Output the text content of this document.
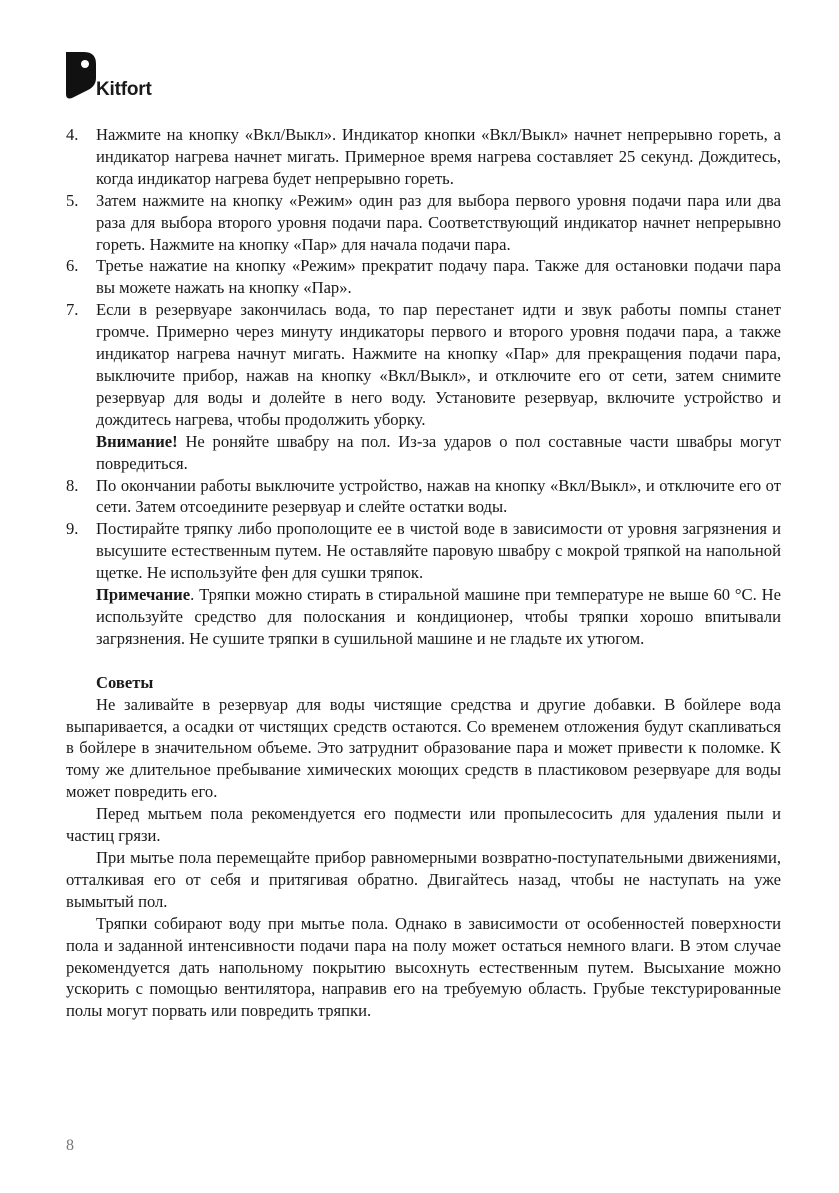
Kitfort
4. Нажмите на кнопку «Вкл/Выкл». Индикатор кнопки «Вкл/Выкл» начнет непрерывно гореть, а индикатор нагрева начнет мигать. Примерное время нагрева составляет 25 секунд. Дождитесь, когда индикатор нагрева будет непрерывно гореть.

5. Затем нажмите на кнопку «Режим» один раз для выбора первого уровня подачи пара или два раза для выбора второго уровня подачи пара. Соответствующий индикатор начнет непрерывно гореть. Нажмите на кнопку «Пар» для начала подачи пара.

6. Третье нажатие на кнопку «Режим» прекратит подачу пара. Также для остановки подачи пара вы можете нажать на кнопку «Пар».

7. Если в резервуаре закончилась вода, то пар перестанет идти и звук работы помпы станет громче. Примерно через минуту индикаторы первого и второго уровня подачи пара, а также индикатор нагрева начнут мигать. Нажмите на кнопку «Пар» для прекращения подачи пара, выключите прибор, нажав на кнопку «Вкл/Выкл», и отключите его от сети, затем снимите резервуар для воды и долейте в него воду. Установите резервуар, включите устройство и дождитесь нагрева, чтобы продолжить уборку.

Внимание! Не роняйте швабру на пол. Из-за ударов о пол составные части швабры могут повредиться.

8. По окончании работы выключите устройство, нажав на кнопку «Вкл/Выкл», и отключите его от сети. Затем отсоедините резервуар и слейте остатки воды.

9. Постирайте тряпку либо прополощите ее в чистой воде в зависимости от уровня загрязнения и высушите естественным путем. Не оставляйте паровую швабру с мокрой тряпкой на напольной щетке. Не используйте фен для сушки тряпок.

Примечание. Тряпки можно стирать в стиральной машине при температуре не выше 60 °С. Не используйте средство для полоскания и кондиционер, чтобы тряпки хорошо впитывали загрязнения. Не сушите тряпки в сушильной машине и не гладьте их утюгом.

Советы

Не заливайте в резервуар для воды чистящие средства и другие добавки. В бойлере вода выпаривается, а осадки от чистящих средств остаются. Со временем отложения будут скапливаться в бойлере в значительном объеме. Это затруднит образование пара и может привести к поломке. К тому же длительное пребывание химических моющих средств в пластиковом резервуаре для воды может повредить его.

Перед мытьем пола рекомендуется его подмести или пропылесосить для удаления пыли и частиц грязи.

При мытье пола перемещайте прибор равномерными возвратно-поступательными движениями, отталкивая его от себя и притягивая обратно. Двигайтесь назад, чтобы не наступать на уже вымытый пол.

Тряпки собирают воду при мытье пола. Однако в зависимости от особенностей поверхности пола и заданной интенсивности подачи пара на полу может остаться немного влаги. В этом случае рекомендуется дать напольному покрытию высохнуть естественным путем. Высыхание можно ускорить с помощью вентилятора, направив его на требуемую область. Грубые текстурированные полы могут порвать или повредить тряпки.

8
